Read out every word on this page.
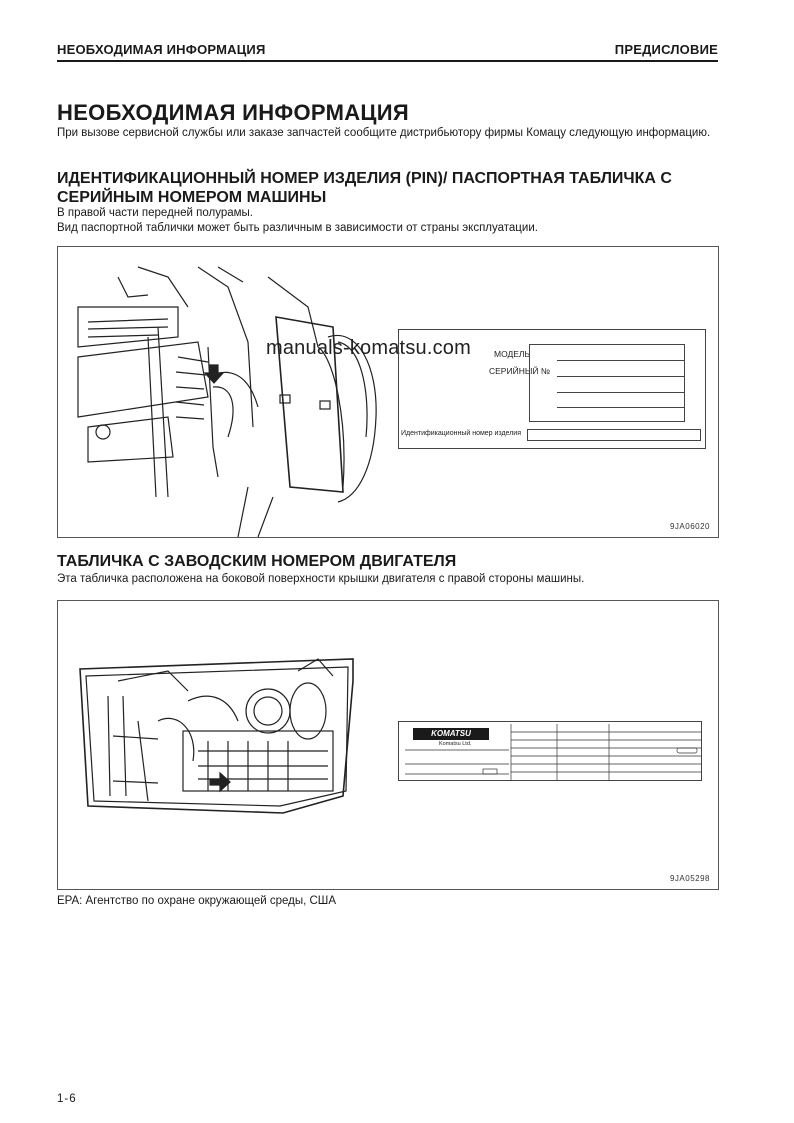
НЕОБХОДИМАЯ ИНФОРМАЦИЯ	ПРЕДИСЛОВИЕ
НЕОБХОДИМАЯ ИНФОРМАЦИЯ
При вызове сервисной службы или заказе запчастей сообщите дистрибьютору фирмы Комацу следующую информацию.
ИДЕНТИФИКАЦИОННЫЙ НОМЕР ИЗДЕЛИЯ (PIN)/ ПАСПОРТНАЯ ТАБЛИЧКА С СЕРИЙНЫМ НОМЕРОМ МАШИНЫ
В правой части передней полурамы.
Вид паспортной таблички может быть различным в зависимости от страны эксплуатации.
manuals-komatsu.com	МОДЕЛЬ
СЕРИЙНЫЙ №
Идентификационный номер изделия
9JA06020
ТАБЛИЧКА С ЗАВОДСКИМ НОМЕРОМ ДВИГАТЕЛЯ
Эта табличка расположена на боковой поверхности крышки двигателя с правой стороны машины.
KOMATSU
Komatsu Ltd.
9JA05298
EPA: Агентство по охране окружающей среды, США
1-6
